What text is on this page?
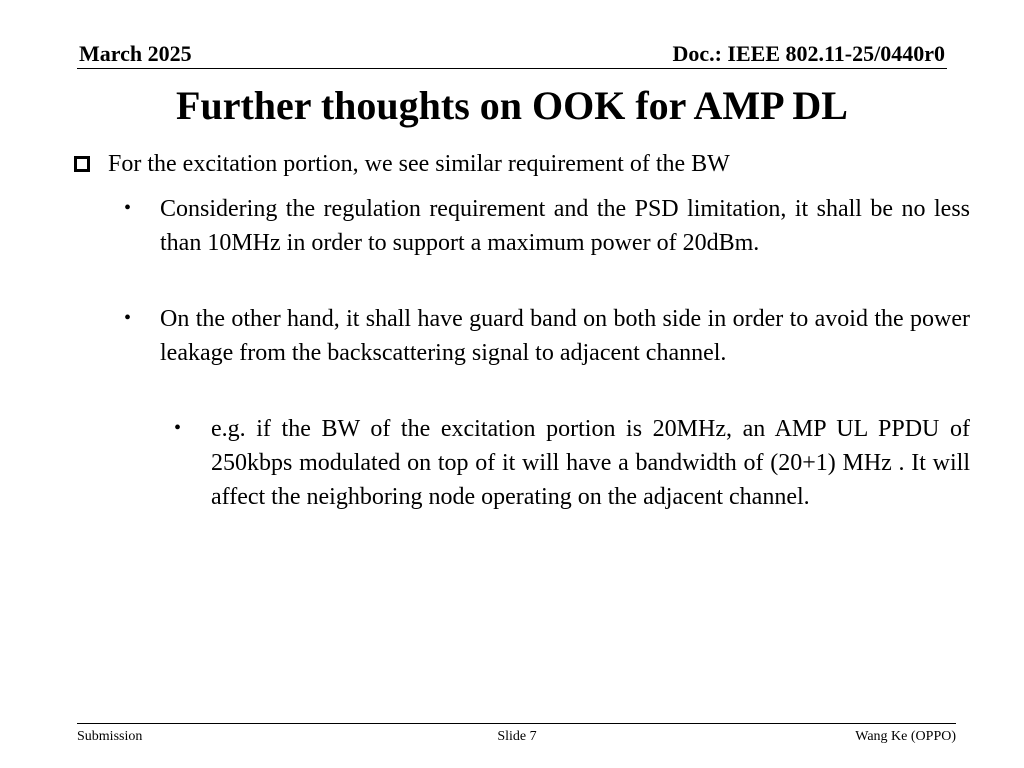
March 2025	Doc.: IEEE 802.11-25/0440r0
Further thoughts on OOK for AMP DL
For the excitation portion, we see similar requirement of the BW
• Considering the regulation requirement and the PSD limitation, it shall be no less than 10MHz in order to support a maximum power of 20dBm.
• On the other hand, it shall have guard band on both side in order to avoid the power leakage from the backscattering signal to adjacent channel.
• e.g. if the BW of the excitation portion is 20MHz, an AMP UL PPDU of 250kbps modulated on top of it will have a bandwidth of (20+1) MHz . It will affect the neighboring node operating on the adjacent channel.
Submission	Slide 7	Wang Ke (OPPO)
